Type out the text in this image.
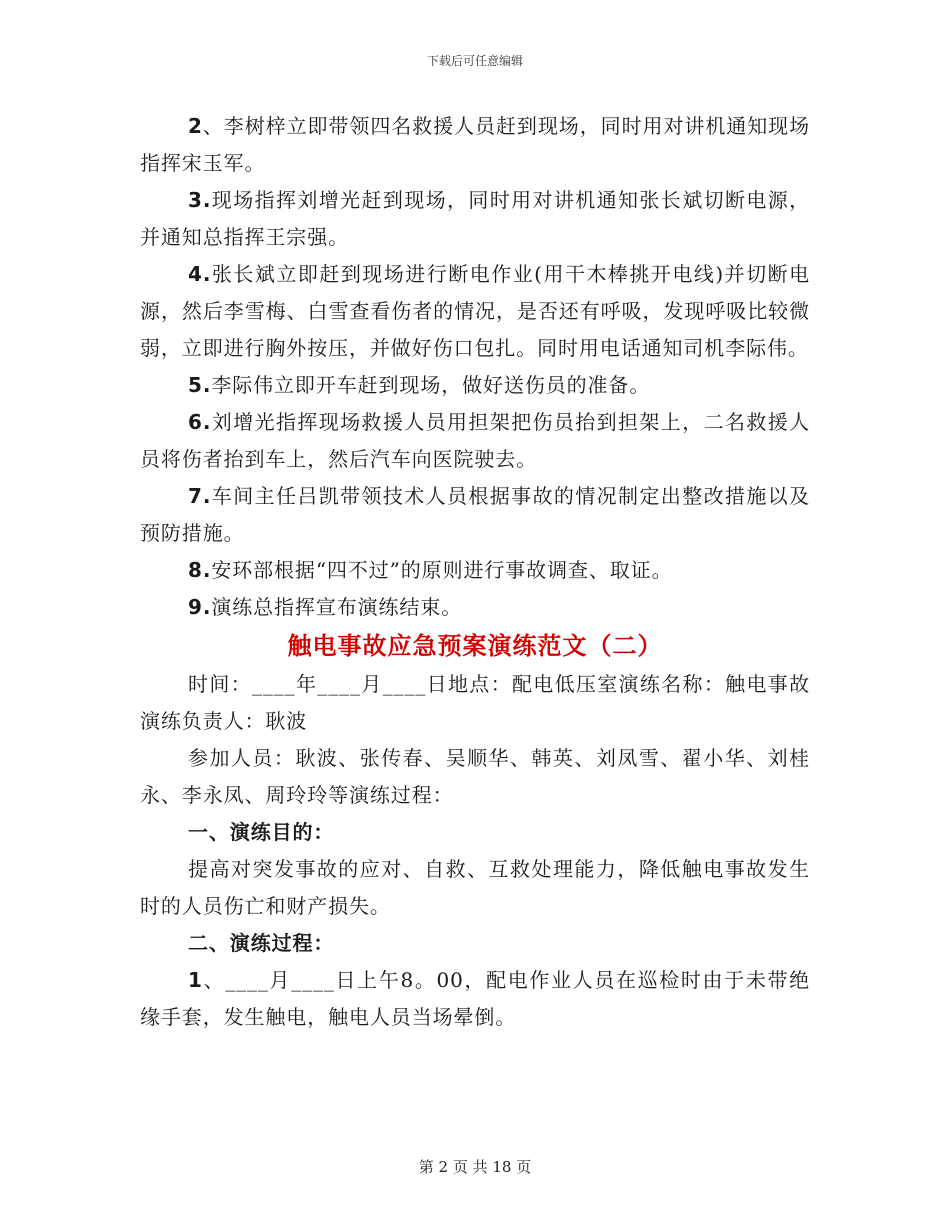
下载后可任意编辑

2、李树梓立即带领四名救援人员赶到现场，同时用对讲机通知现场指挥宋玉军。

3.现场指挥刘增光赶到现场，同时用对讲机通知张长斌切断电源，并通知总指挥王宗强。

4.张长斌立即赶到现场进行断电作业(用干木棒挑开电线)并切断电源，然后李雪梅、白雪查看伤者的情况，是否还有呼吸，发现呼吸比较微弱，立即进行胸外按压，并做好伤口包扎。同时用电话通知司机李际伟。

5.李际伟立即开车赶到现场，做好送伤员的准备。

6.刘增光指挥现场救援人员用担架把伤员抬到担架上，二名救援人员将伤者抬到车上，然后汽车向医院驶去。

7.车间主任吕凯带领技术人员根据事故的情况制定出整改措施以及预防措施。

8.安环部根据“四不过”的原则进行事故调查、取证。

9.演练总指挥宣布演练结束。

触电事故应急预案演练范文（二）

时间：____年____月____日地点：配电低压室演练名称：触电事故演练负责人：耿波

参加人员：耿波、张传春、吴顺华、韩英、刘凤雪、翟小华、刘桂永、李永凤、周玲玲等演练过程：

一、演练目的：

提高对突发事故的应对、自救、互救处理能力，降低触电事故发生时的人员伤亡和财产损失。

二、演练过程：

1、____月____日上午8。00，配电作业人员在巡检时由于未带绝缘手套，发生触电，触电人员当场晕倒。

第 2 页 共 18 页
